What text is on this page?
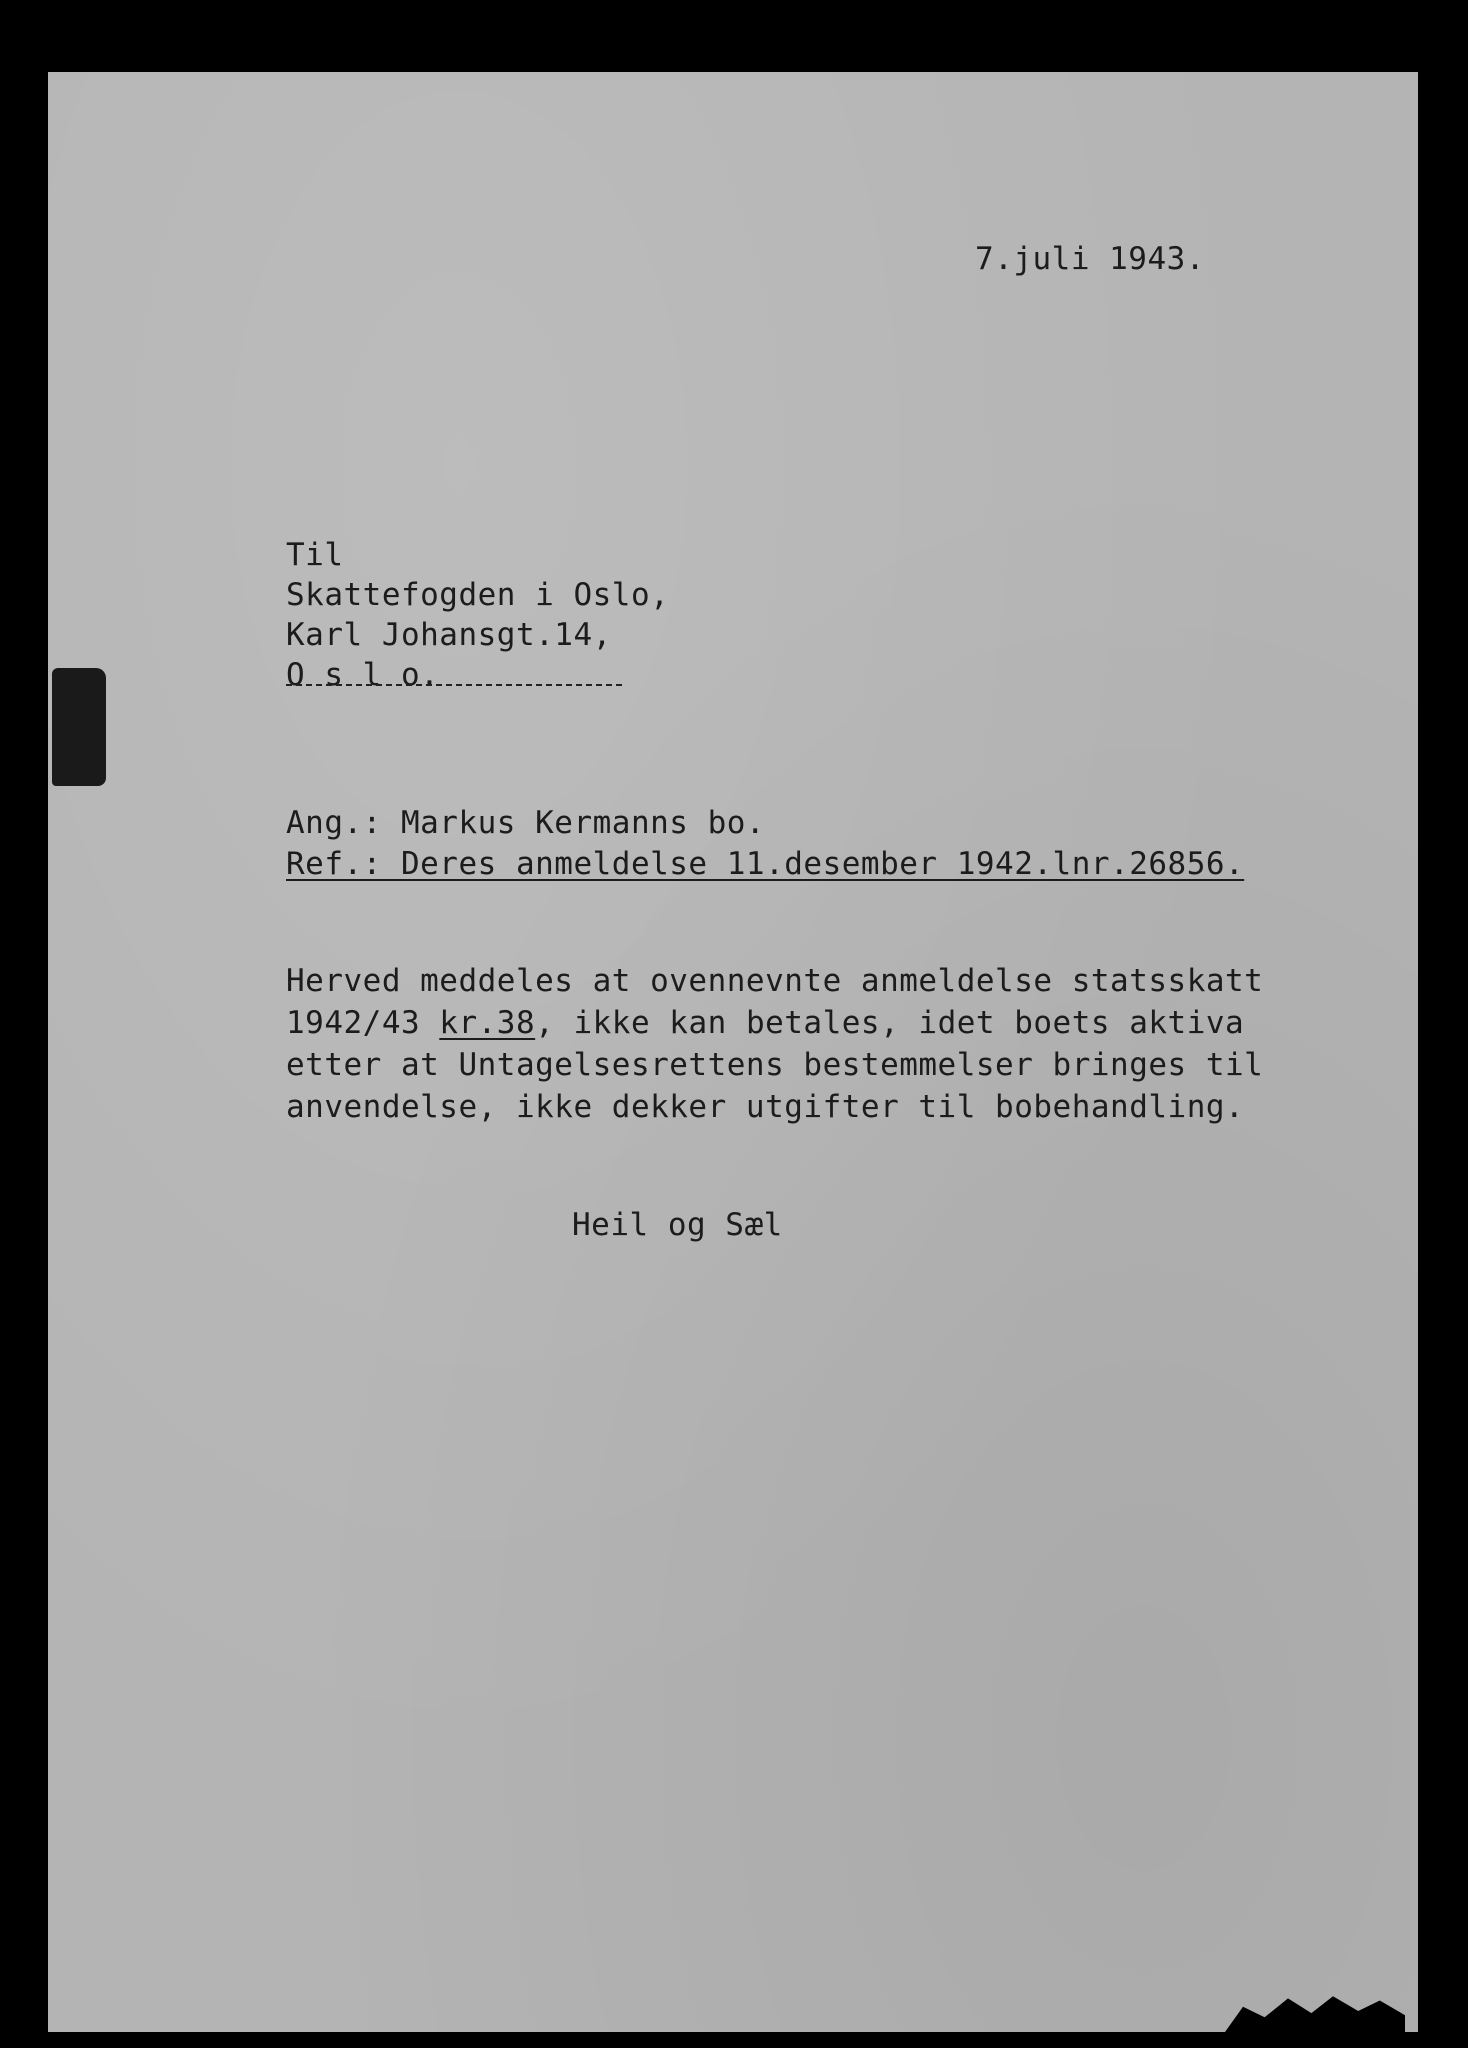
7.juli 1943.
Til
Skattefogden i Oslo,
Karl Johansgt.14,
O s l o.
Ang.: Markus Kermanns bo.
Ref.: Deres anmeldelse 11.desember 1942.lnr.26856.
Herved meddeles at ovennevnte anmeldelse statsskatt
1942/43 kr.38, ikke kan betales, idet boets aktiva
etter at Untagelsesrettens bestemmelser bringes til
anvendelse, ikke dekker utgifter til bobehandling.
Heil og Sæl
